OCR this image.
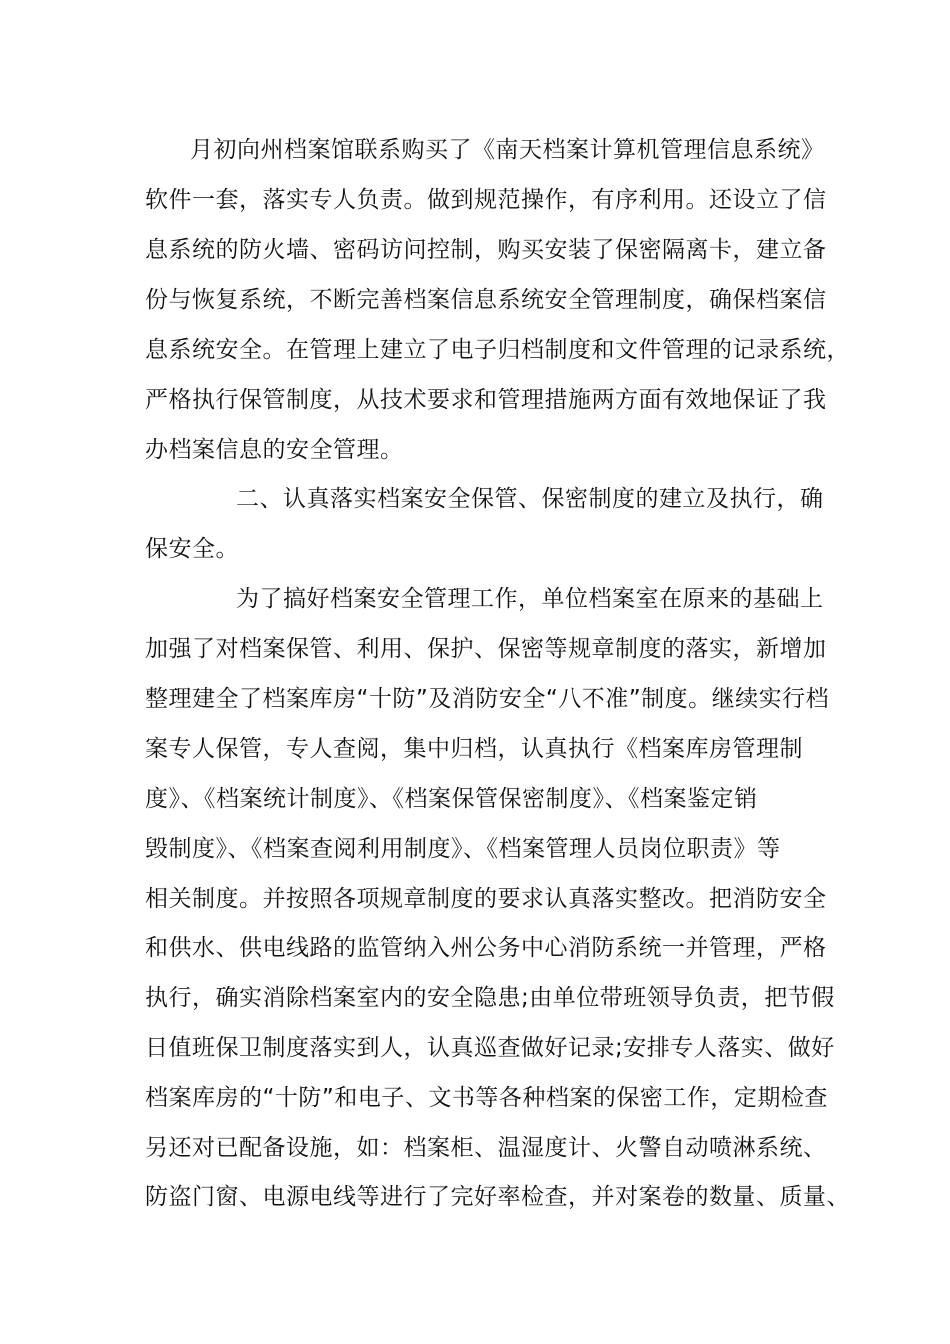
月初向州档案馆联系购买了《南天档案计算机管理信息系统》
软件一套，落实专人负责。做到规范操作，有序利用。还设立了信
息系统的防火墙、密码访问控制，购买安装了保密隔离卡，建立备
份与恢复系统，不断完善档案信息系统安全管理制度，确保档案信
息系统安全。在管理上建立了电子归档制度和文件管理的记录系统，
严格执行保管制度，从技术要求和管理措施两方面有效地保证了我
办档案信息的安全管理。
二、认真落实档案安全保管、保密制度的建立及执行，确
保安全。
为了搞好档案安全管理工作，单位档案室在原来的基础上
加强了对档案保管、利用、保护、保密等规章制度的落实，新增加
整理建全了档案库房“十防”及消防安全“八不准”制度。继续实行档
案专人保管，专人查阅，集中归档，认真执行《档案库房管理制
度》、《档案统计制度》、《档案保管保密制度》、《档案鉴定销
毁制度》、《档案查阅利用制度》、《档案管理人员岗位职责》等
相关制度。并按照各项规章制度的要求认真落实整改。把消防安全
和供水、供电线路的监管纳入州公务中心消防系统一并管理，严格
执行，确实消除档案室内的安全隐患;由单位带班领导负责，把节假
日值班保卫制度落实到人，认真巡查做好记录;安排专人落实、做好
档案库房的“十防”和电子、文书等各种档案的保密工作，定期检查
另还对已配备设施，如：档案柜、温湿度计、火警自动喷淋系统、
防盗门窗、电源电线等进行了完好率检查，并对案卷的数量、质量、
